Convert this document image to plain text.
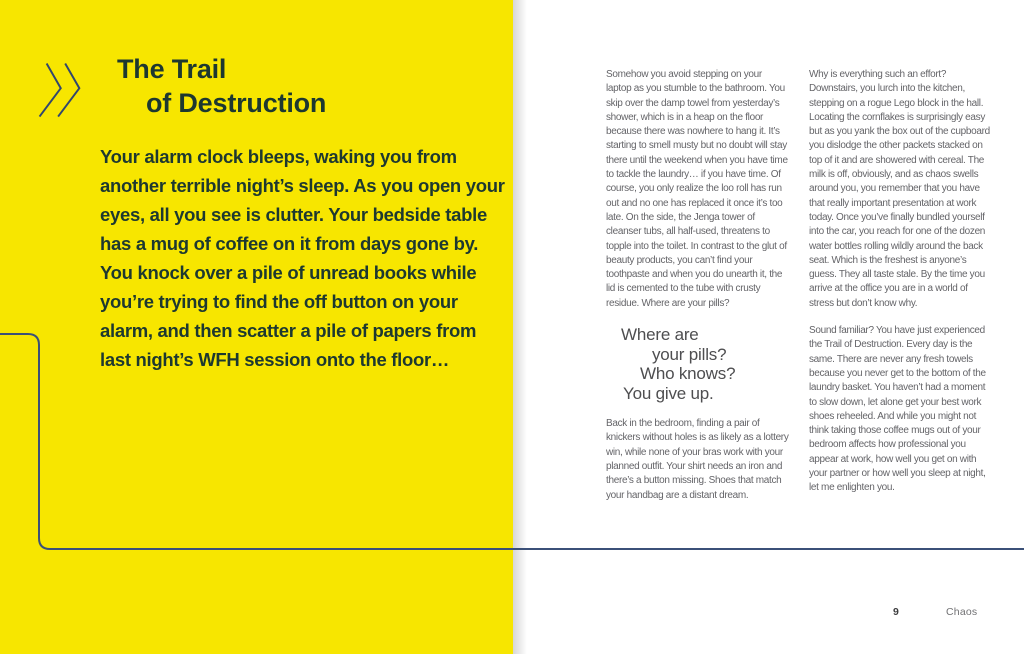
The Trail
of Destruction

Your alarm clock bleeps, waking you from another terrible night’s sleep. As you open your eyes, all you see is clutter. Your bedside table has a mug of coffee on it from days gone by. You knock over a pile of unread books while you’re trying to find the off button on your alarm, and then scatter a pile of papers from last night’s WFH session onto the floor…

Somehow you avoid stepping on your laptop as you stumble to the bathroom. You skip over the damp towel from yesterday’s shower, which is in a heap on the floor because there was nowhere to hang it. It’s starting to smell musty but no doubt will stay there until the weekend when you have time to tackle the laundry… if you have time. Of course, you only realize the loo roll has run out and no one has replaced it once it’s too late. On the side, the Jenga tower of cleanser tubs, all half-used, threatens to topple into the toilet. In contrast to the glut of beauty products, you can’t find your toothpaste and when you do unearth it, the lid is cemented to the tube with crusty residue. Where are your pills?

Where are
your pills?
Who knows?
You give up.

Back in the bedroom, finding a pair of knickers without holes is as likely as a lottery win, while none of your bras work with your planned outfit. Your shirt needs an iron and there’s a button missing. Shoes that match your handbag are a distant dream.

Why is everything such an effort? Downstairs, you lurch into the kitchen, stepping on a rogue Lego block in the hall. Locating the cornflakes is surprisingly easy but as you yank the box out of the cupboard you dislodge the other packets stacked on top of it and are showered with cereal. The milk is off, obviously, and as chaos swells around you, you remember that you have that really important presentation at work today. Once you’ve finally bundled yourself into the car, you reach for one of the dozen water bottles rolling wildly around the back seat. Which is the freshest is anyone’s guess. They all taste stale. By the time you arrive at the office you are in a world of stress but don’t know why.

Sound familiar? You have just experienced the Trail of Destruction. Every day is the same. There are never any fresh towels because you never get to the bottom of the laundry basket. You haven’t had a moment to slow down, let alone get your best work shoes reheeled. And while you might not think taking those coffee mugs out of your bedroom affects how professional you appear at work, how well you get on with your partner or how well you sleep at night, let me enlighten you.

9	Chaos
